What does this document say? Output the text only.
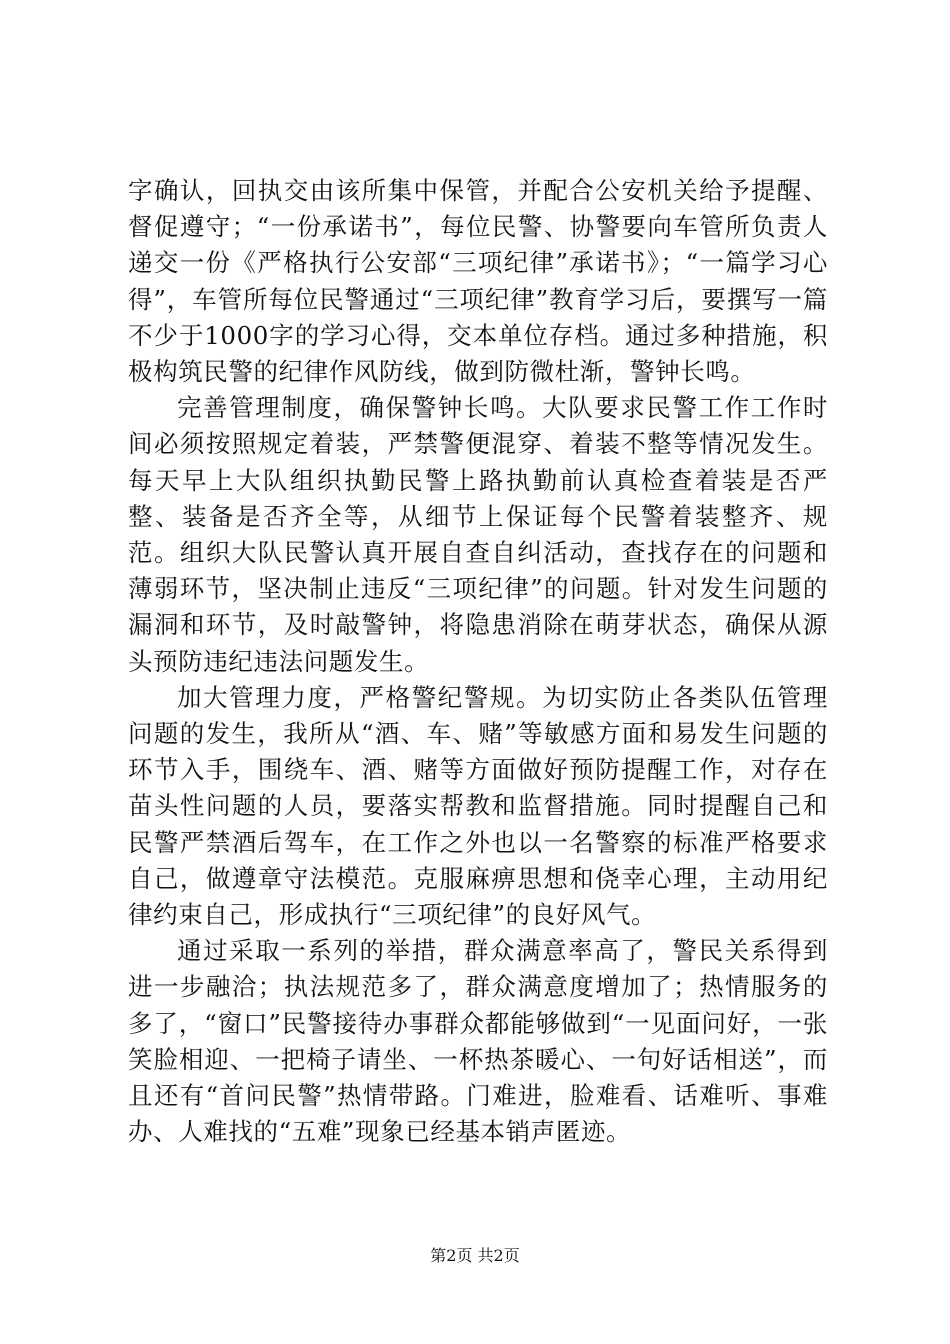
字确认，回执交由该所集中保管，并配合公安机关给予提醒、督促遵守；“一份承诺书”，每位民警、协警要向车管所负责人递交一份《严格执行公安部“三项纪律”承诺书》；“一篇学习心得”，车管所每位民警通过“三项纪律”教育学习后，要撰写一篇不少于1000字的学习心得，交本单位存档。通过多种措施，积极构筑民警的纪律作风防线，做到防微杜渐，警钟长鸣。

完善管理制度，确保警钟长鸣。大队要求民警工作工作时间必须按照规定着装，严禁警便混穿、着装不整等情况发生。每天早上大队组织执勤民警上路执勤前认真检查着装是否严整、装备是否齐全等，从细节上保证每个民警着装整齐、规范。组织大队民警认真开展自查自纠活动，查找存在的问题和薄弱环节，坚决制止违反“三项纪律”的问题。针对发生问题的漏洞和环节，及时敲警钟，将隐患消除在萌芽状态，确保从源头预防违纪违法问题发生。

加大管理力度，严格警纪警规。为切实防止各类队伍管理问题的发生，我所从“酒、车、赌”等敏感方面和易发生问题的环节入手，围绕车、酒、赌等方面做好预防提醒工作，对存在苗头性问题的人员，要落实帮教和监督措施。同时提醒自己和民警严禁酒后驾车，在工作之外也以一名警察的标准严格要求自己，做遵章守法模范。克服麻痹思想和侥幸心理，主动用纪律约束自己，形成执行“三项纪律”的良好风气。

通过采取一系列的举措，群众满意率高了，警民关系得到进一步融洽；执法规范多了，群众满意度增加了；热情服务的多了，“窗口”民警接待办事群众都能够做到“一见面问好，一张笑脸相迎、一把椅子请坐、一杯热茶暖心、一句好话相送”，而且还有“首问民警”热情带路。门难进，脸难看、话难听、事难办、人难找的“五难”现象已经基本销声匿迹。

第2页 共2页
